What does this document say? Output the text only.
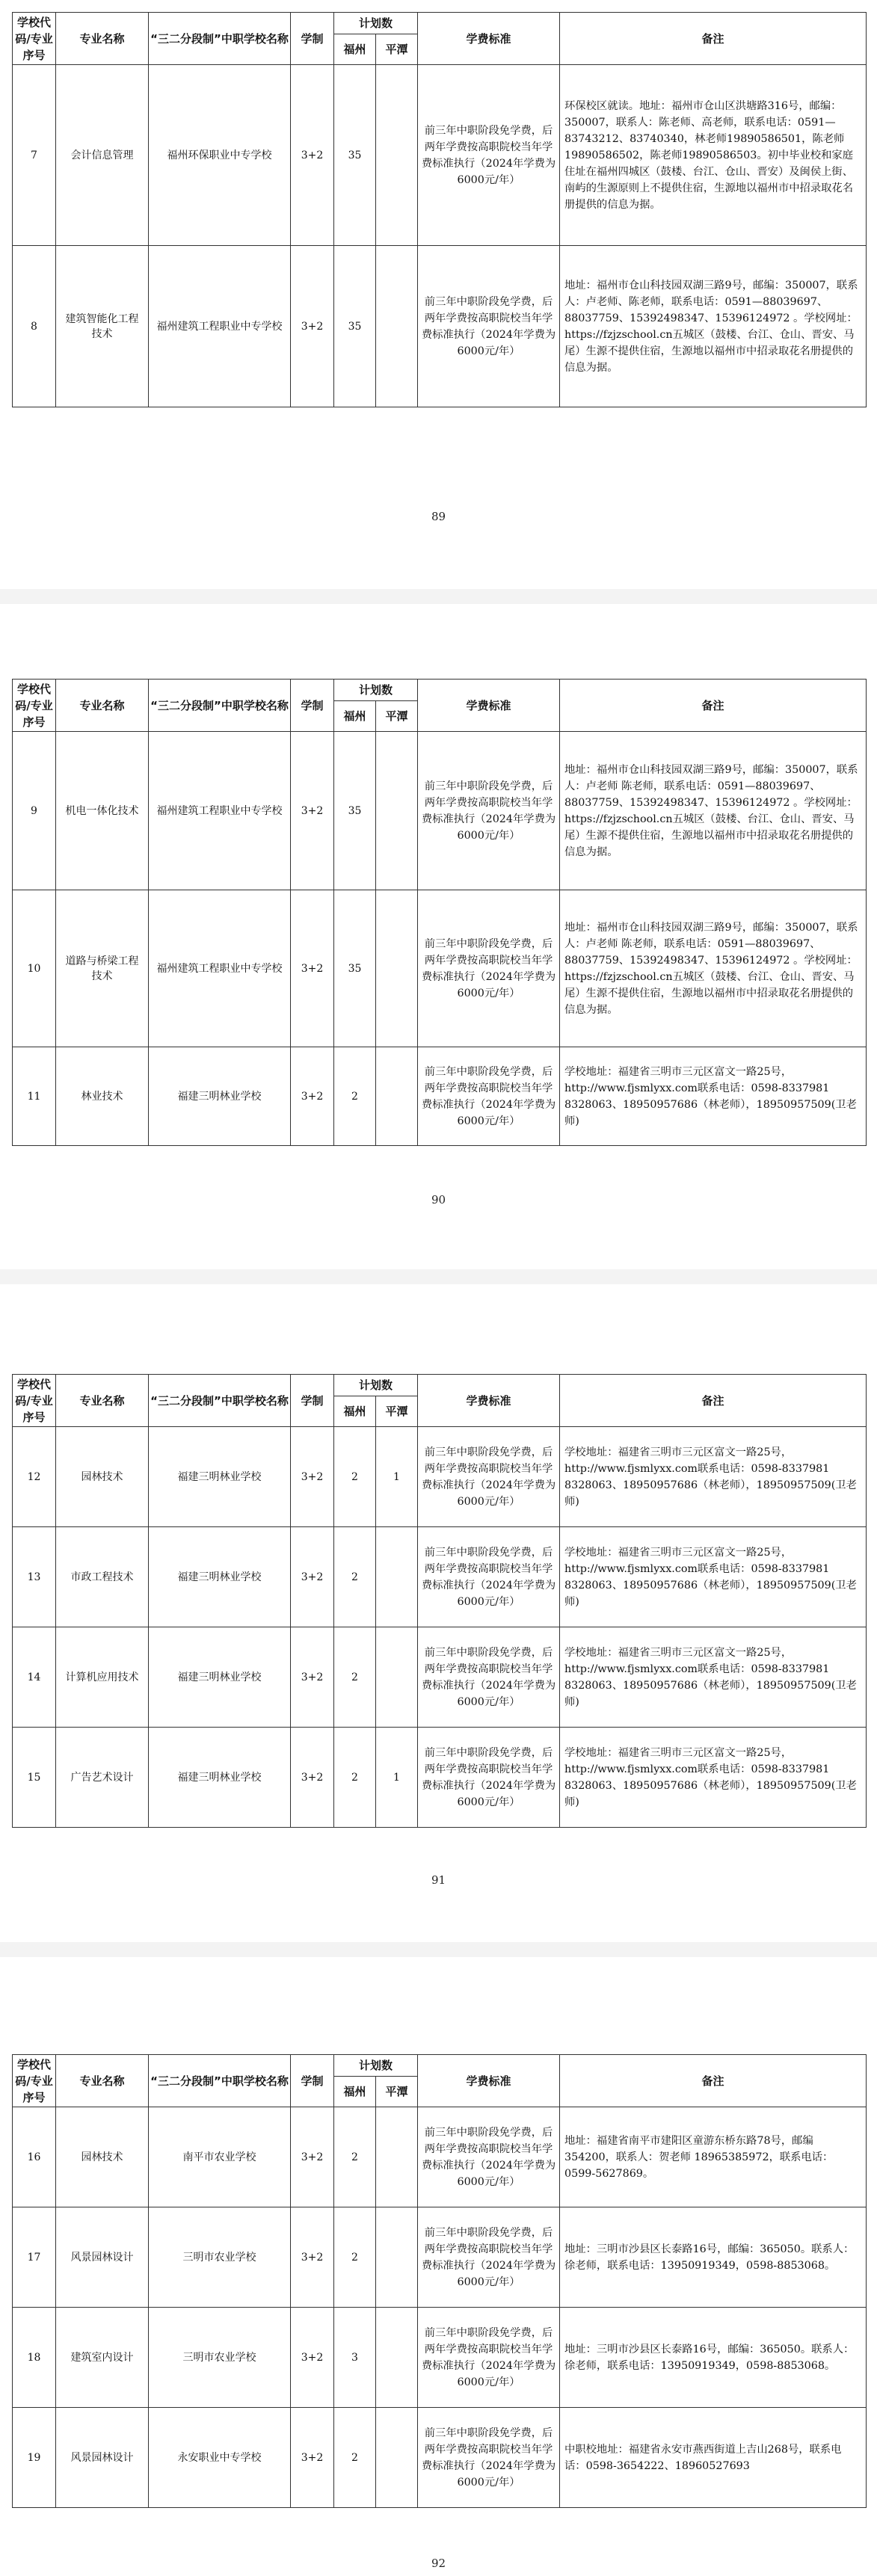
学校代码/专业序号	专业名称	“三二分段制”中职学校名称	学制	计划数		学费标准	备注
				福州	平潭		
7	会计信息管理	福州环保职业中专学校	3+2	35		前三年中职阶段免学费，后两年学费按高职院校当年学费标准执行（2024年学费为6000元/年）	环保校区就读。地址：福州市仓山区洪塘路316号，邮编：350007，联系人：陈老师、高老师，联系电话：0591—83743212、83740340，林老师19890586501，陈老师19890586502，陈老师19890586503。初中毕业校和家庭住址在福州四城区（鼓楼、台江、仓山、晋安）及闽侯上街、南屿的生源原则上不提供住宿，生源地以福州市中招录取花名册提供的信息为据。
8	建筑智能化工程技术	福州建筑工程职业中专学校	3+2	35		前三年中职阶段免学费，后两年学费按高职院校当年学费标准执行（2024年学费为6000元/年）	地址：福州市仓山科技园双湖三路9号，邮编：350007，联系人：卢老师、陈老师，联系电话：0591—88039697、88037759、15392498347、15396124972 。学校网址：https://fzjzschool.cn五城区（鼓楼、台江、仓山、晋安、马尾）生源不提供住宿，生源地以福州市中招录取花名册提供的信息为据。
89
学校代码/专业序号	专业名称	“三二分段制”中职学校名称	学制	计划数		学费标准	备注
				福州	平潭		
9	机电一体化技术	福州建筑工程职业中专学校	3+2	35		前三年中职阶段免学费，后两年学费按高职院校当年学费标准执行（2024年学费为6000元/年）	地址：福州市仓山科技园双湖三路9号，邮编：350007，联系人：卢老师 陈老师，联系电话：0591—88039697、88037759、15392498347、15396124972 。学校网址：https://fzjzschool.cn五城区（鼓楼、台江、仓山、晋安、马尾）生源不提供住宿，生源地以福州市中招录取花名册提供的信息为据。
10	道路与桥梁工程技术	福州建筑工程职业中专学校	3+2	35		前三年中职阶段免学费，后两年学费按高职院校当年学费标准执行（2024年学费为6000元/年）	地址：福州市仓山科技园双湖三路9号，邮编：350007，联系人：卢老师 陈老师，联系电话：0591—88039697、88037759、15392498347、15396124972 。学校网址：https://fzjzschool.cn五城区（鼓楼、台江、仓山、晋安、马尾）生源不提供住宿，生源地以福州市中招录取花名册提供的信息为据。
11	林业技术	福建三明林业学校	3+2	2		前三年中职阶段免学费，后两年学费按高职院校当年学费标准执行（2024年学费为6000元/年）	学校地址：福建省三明市三元区富文一路25号，http://www.fjsmlyxx.com联系电话：0598-8337981　8328063、18950957686（林老师），18950957509(卫老师)
90
学校代码/专业序号	专业名称	“三二分段制”中职学校名称	学制	计划数		学费标准	备注
				福州	平潭		
12	园林技术	福建三明林业学校	3+2	2	1	前三年中职阶段免学费，后两年学费按高职院校当年学费标准执行（2024年学费为6000元/年）	学校地址：福建省三明市三元区富文一路25号，http://www.fjsmlyxx.com联系电话：0598-8337981　8328063、18950957686（林老师），18950957509(卫老师)
13	市政工程技术	福建三明林业学校	3+2	2		前三年中职阶段免学费，后两年学费按高职院校当年学费标准执行（2024年学费为6000元/年）	学校地址：福建省三明市三元区富文一路25号，http://www.fjsmlyxx.com联系电话：0598-8337981　8328063、18950957686（林老师），18950957509(卫老师)
14	计算机应用技术	福建三明林业学校	3+2	2		前三年中职阶段免学费，后两年学费按高职院校当年学费标准执行（2024年学费为6000元/年）	学校地址：福建省三明市三元区富文一路25号，http://www.fjsmlyxx.com联系电话：0598-8337981　8328063、18950957686（林老师），18950957509(卫老师)
15	广告艺术设计	福建三明林业学校	3+2	2	1	前三年中职阶段免学费，后两年学费按高职院校当年学费标准执行（2024年学费为6000元/年）	学校地址：福建省三明市三元区富文一路25号，http://www.fjsmlyxx.com联系电话：0598-8337981　8328063、18950957686（林老师），18950957509(卫老师)
91
学校代码/专业序号	专业名称	“三二分段制”中职学校名称	学制	计划数		学费标准	备注
				福州	平潭		
16	园林技术	南平市农业学校	3+2	2		前三年中职阶段免学费，后两年学费按高职院校当年学费标准执行（2024年学费为6000元/年）	地址：福建省南平市建阳区童游东桥东路78号，邮编354200，联系人：贺老师 18965385972，联系电话：0599-5627869。
17	风景园林设计	三明市农业学校	3+2	2		前三年中职阶段免学费，后两年学费按高职院校当年学费标准执行（2024年学费为6000元/年）	地址：三明市沙县区长泰路16号，邮编：365050。联系人：徐老师，联系电话：13950919349，0598-8853068。
18	建筑室内设计	三明市农业学校	3+2	3		前三年中职阶段免学费，后两年学费按高职院校当年学费标准执行（2024年学费为6000元/年）	地址：三明市沙县区长泰路16号，邮编：365050。联系人：徐老师，联系电话：13950919349，0598-8853068。
19	风景园林设计	永安职业中专学校	3+2	2		前三年中职阶段免学费，后两年学费按高职院校当年学费标准执行（2024年学费为6000元/年）	中职校地址：福建省永安市燕西街道上吉山268号，联系电话：0598-3654222、18960527693
92
